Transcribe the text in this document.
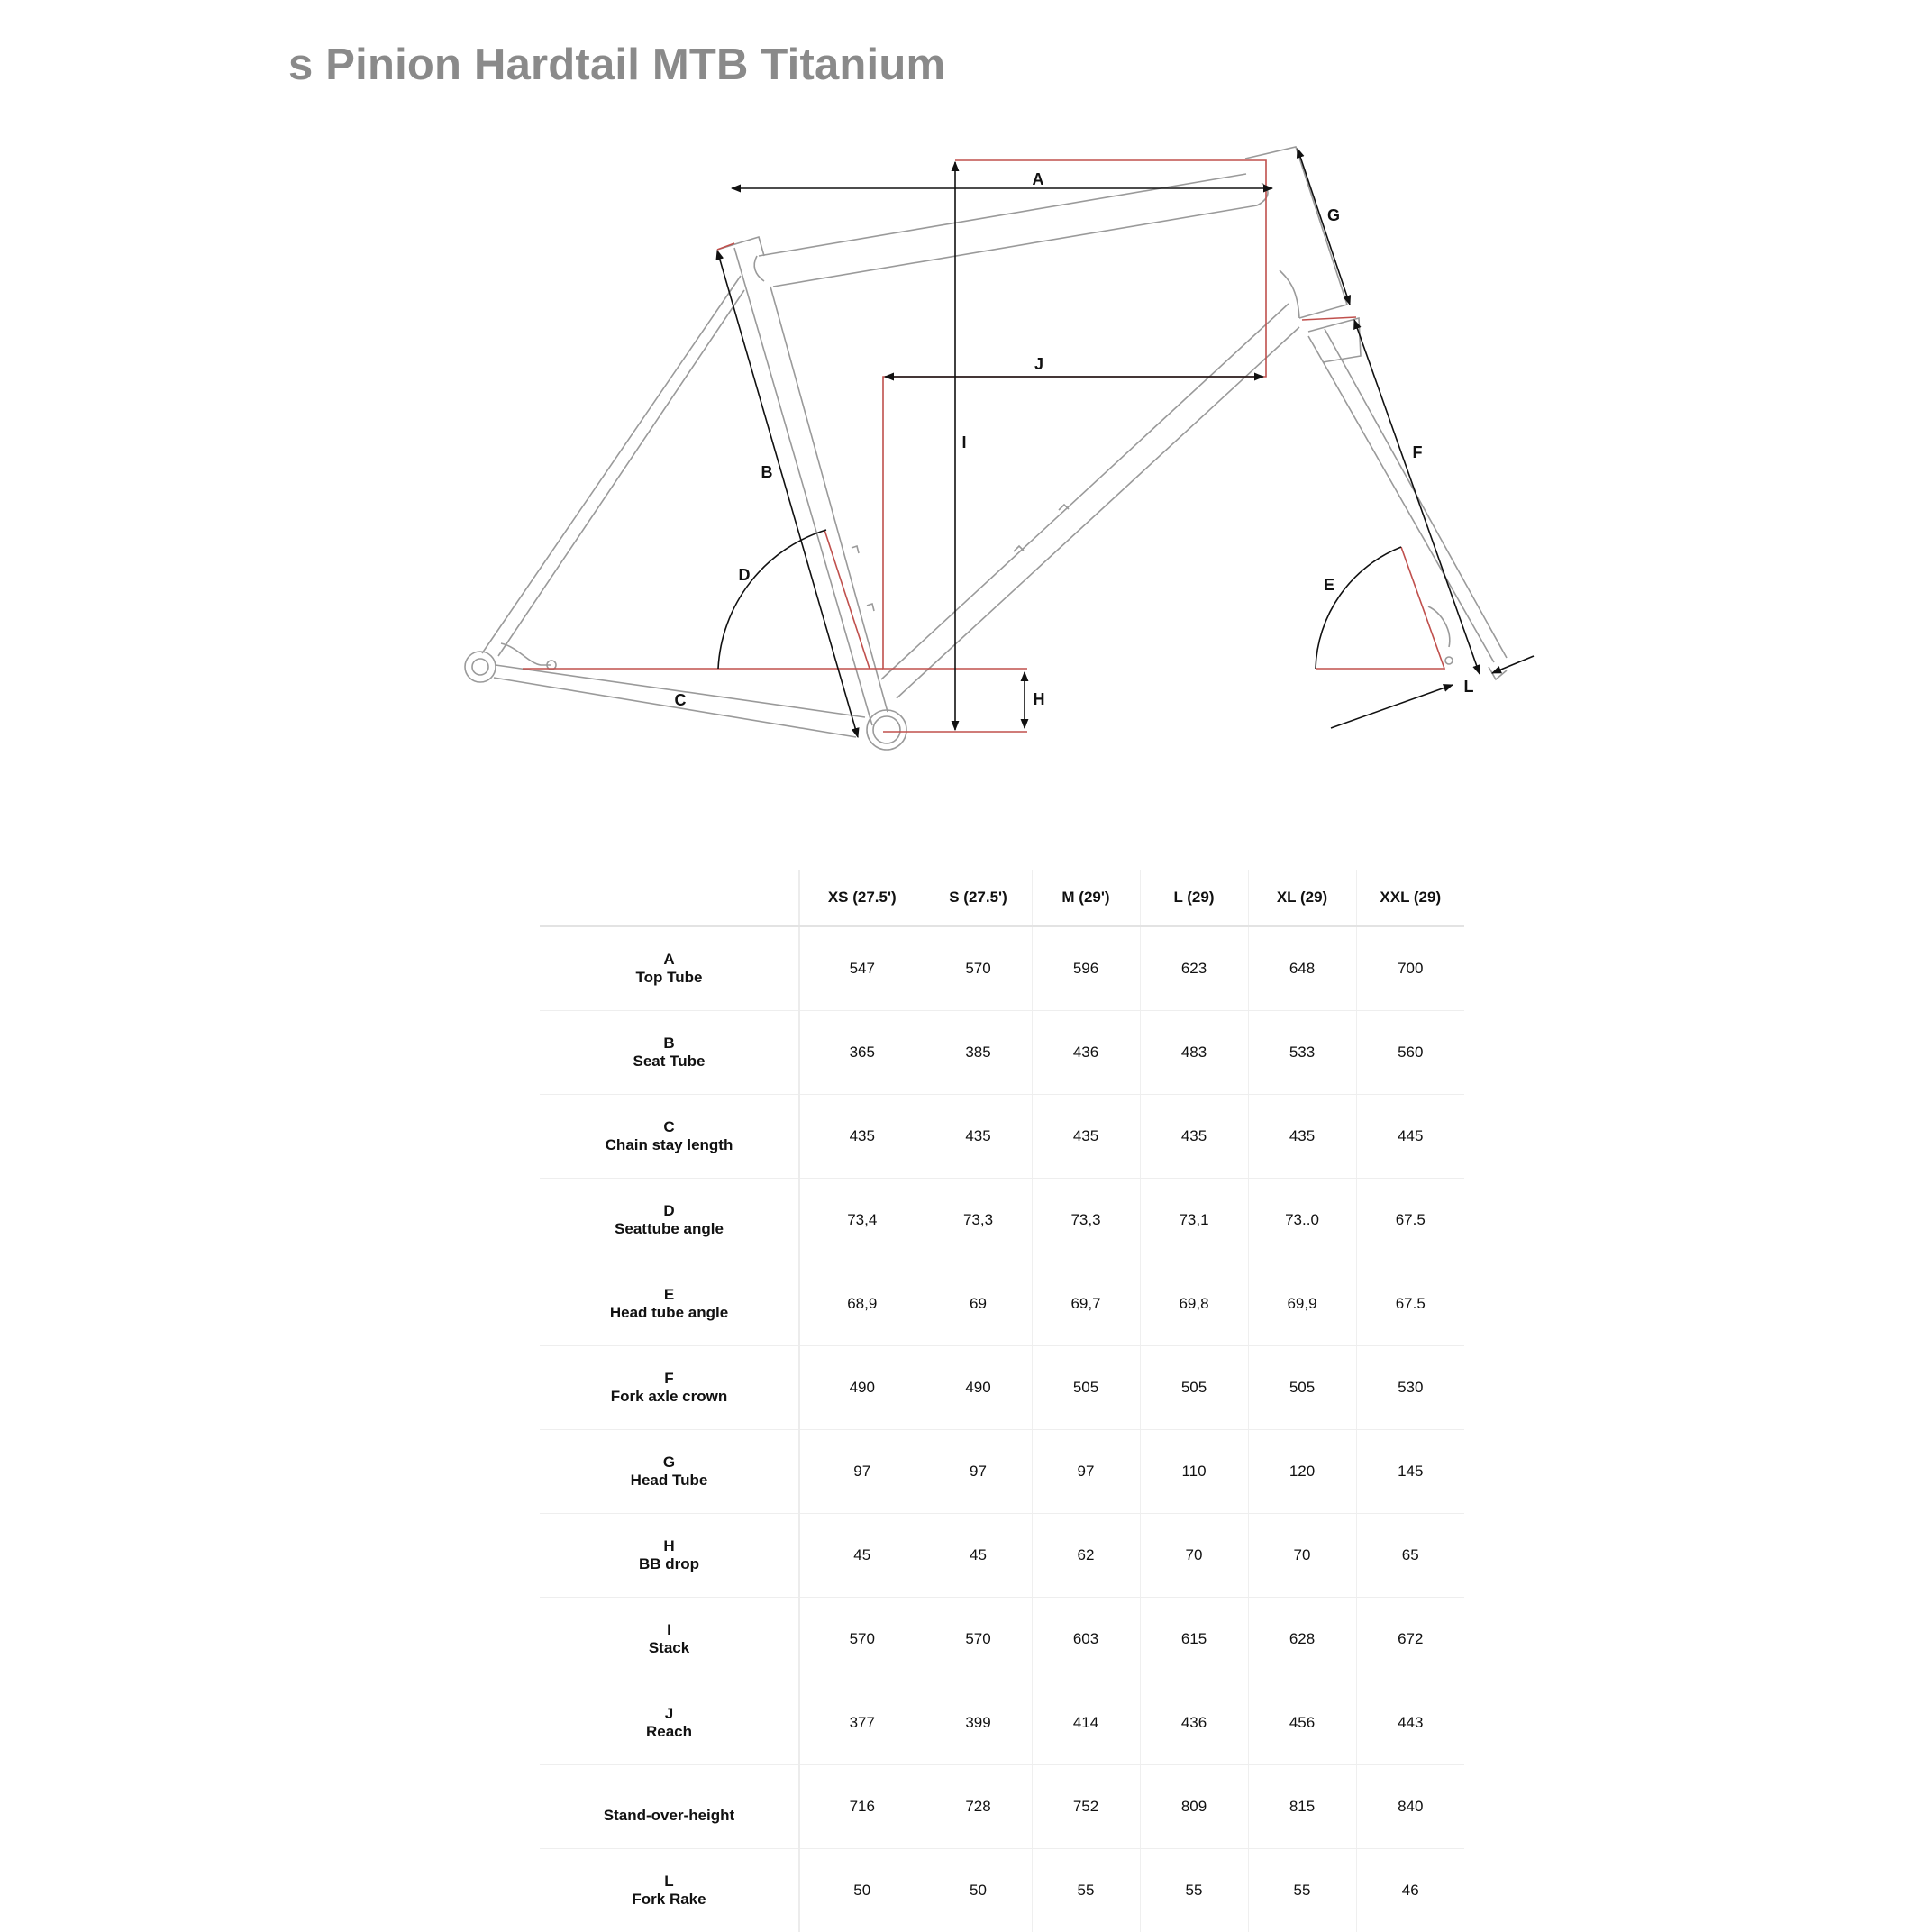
s Pinion Hardtail MTB Titanium
A
B
C
D
E
F
G
H
I
J
L
	XS (27.5')	S (27.5')	M (29')	L (29)	XL (29)	XXL (29)

A
Top Tube	547	570	596	623	648	700

B
Seat Tube	365	385	436	483	533	560

C
Chain stay length	435	435	435	435	435	445

D
Seattube angle	73,4	73,3	73,3	73,1	73..0	67.5

E
Head tube angle	68,9	69	69,7	69,8	69,9	67.5

F
Fork axle crown	490	490	505	505	505	530

G
Head Tube	97	97	97	110	120	145

H
BB drop	45	45	62	70	70	65

I
Stack	570	570	603	615	628	672

J
Reach	377	399	414	436	456	443

Stand-over-height	716	728	752	809	815	840

L
Fork Rake	50	50	55	55	55	46
